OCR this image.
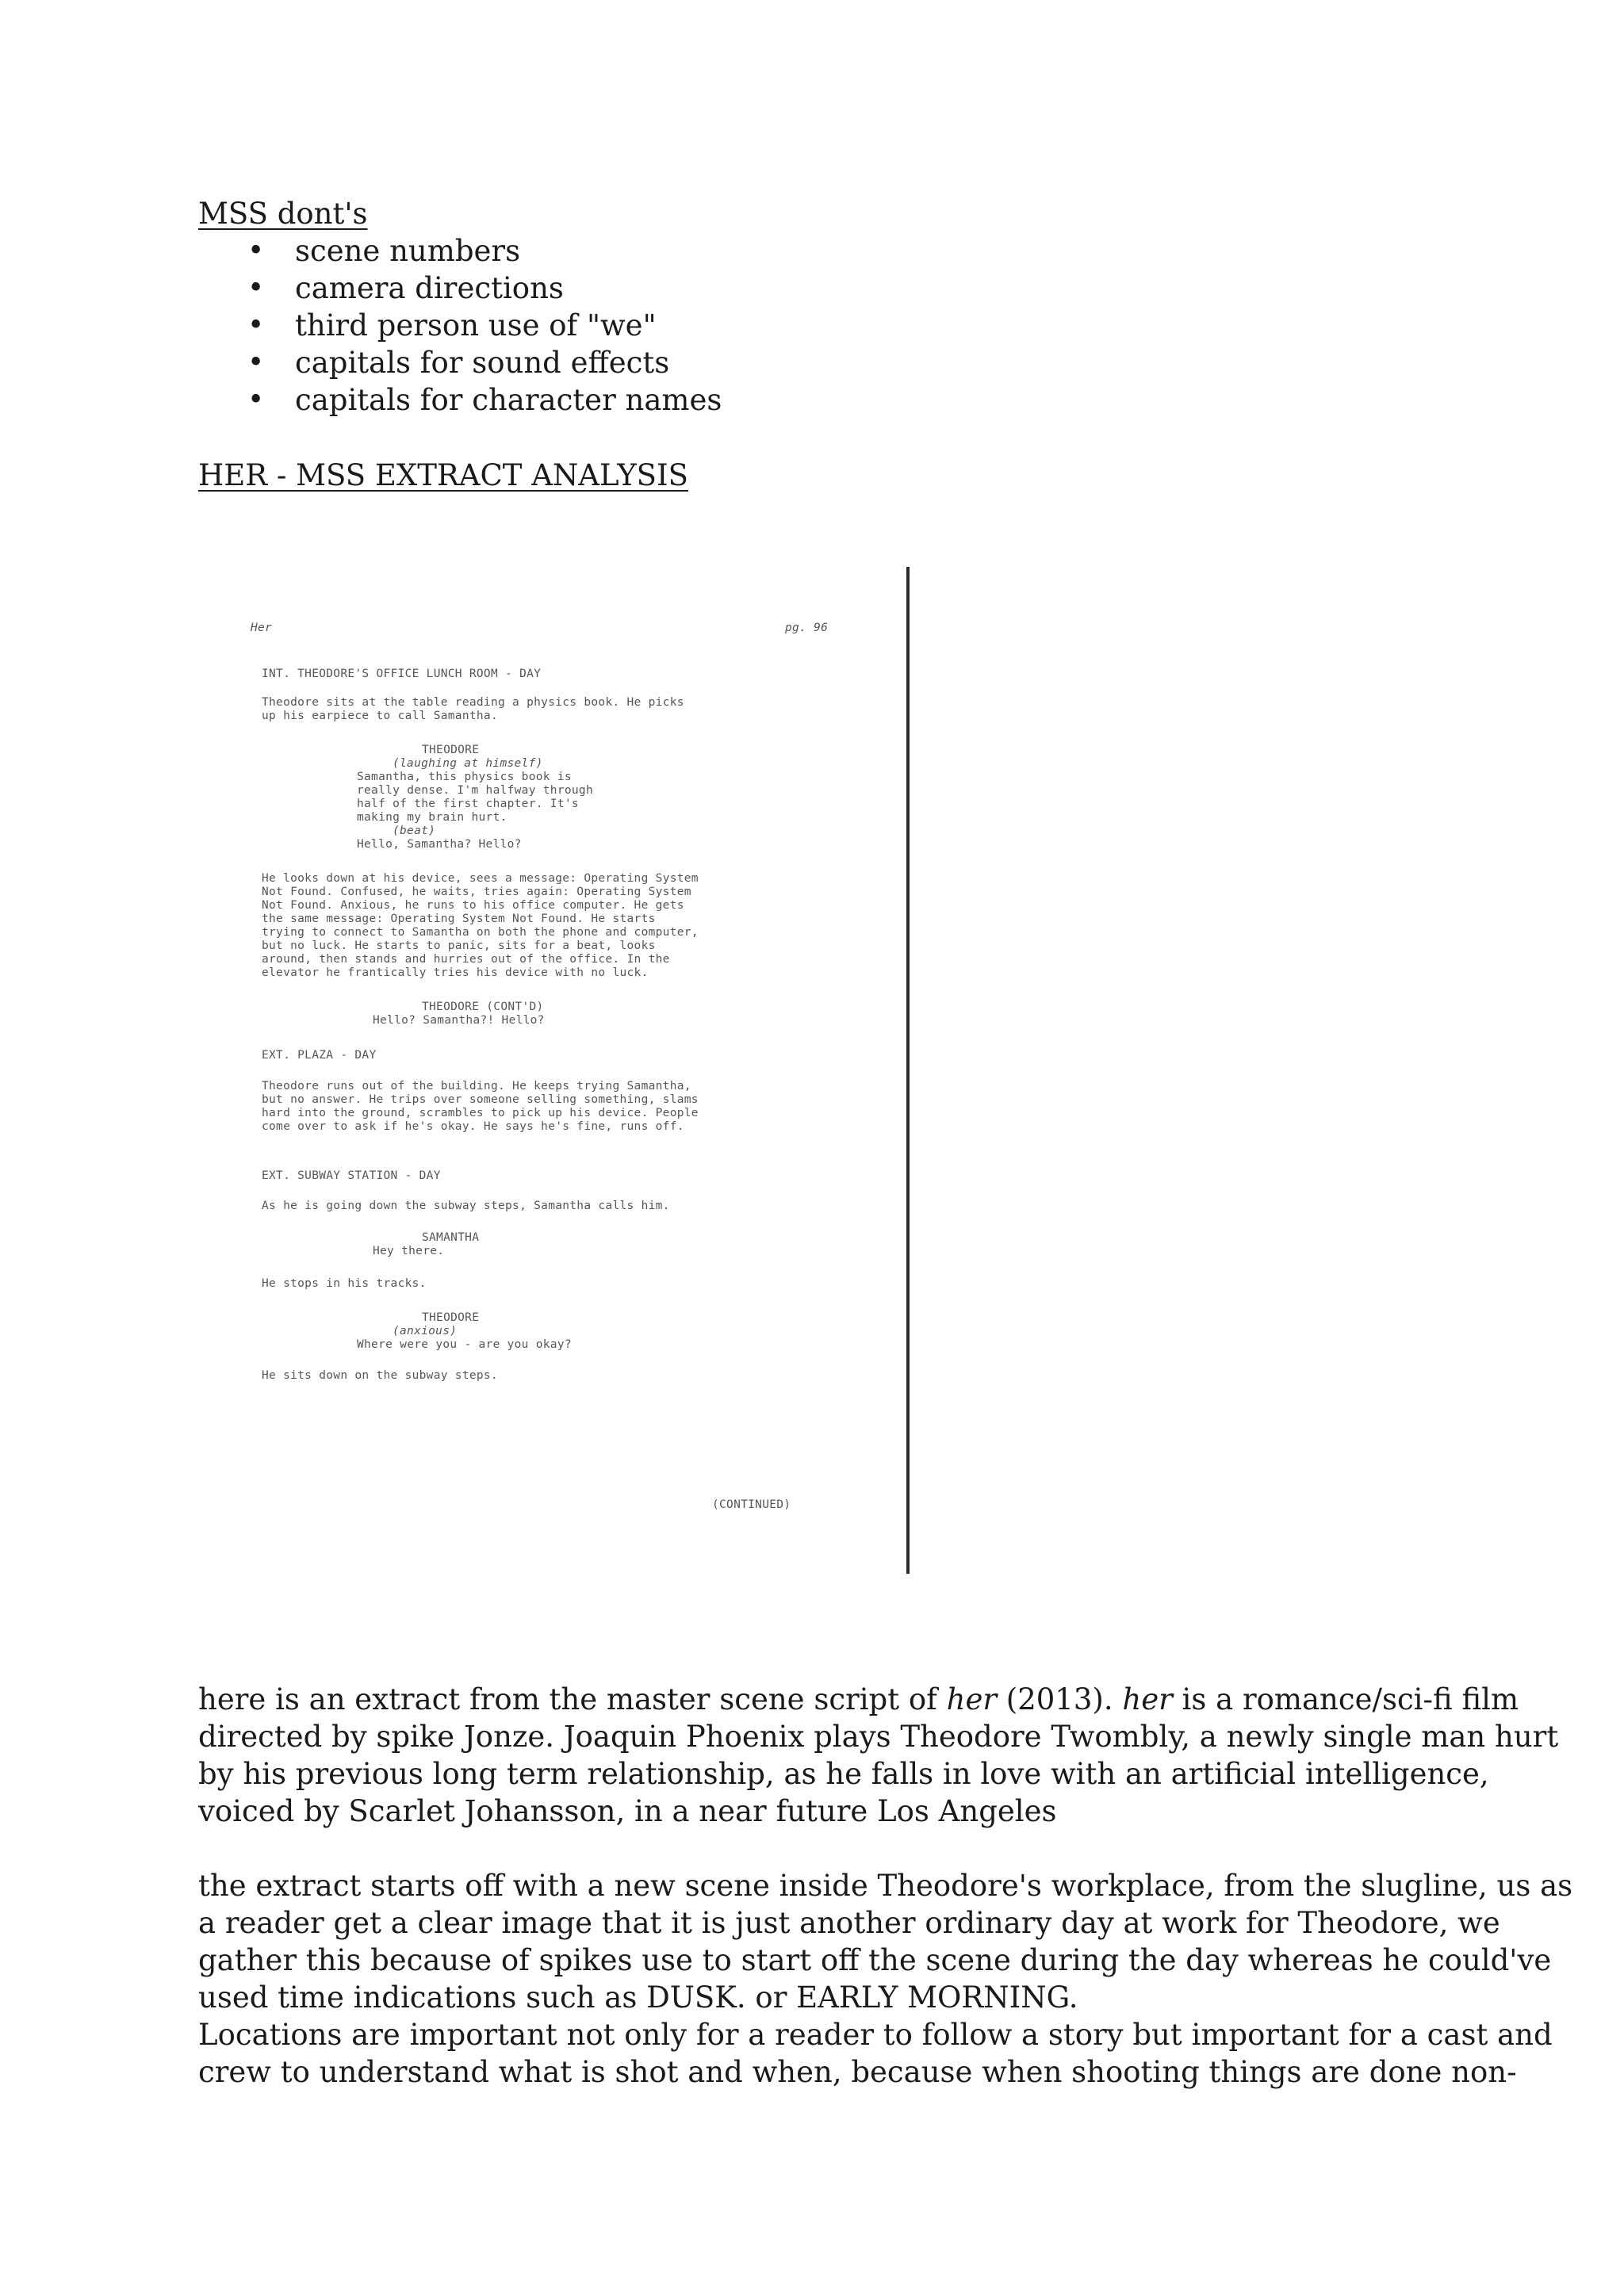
MSS dont's
• scene numbers
• camera directions
• third person use of "we"
• capitals for sound effects
• capitals for character names
HER - MSS EXTRACT ANALYSIS
Her	pg. 96
INT. THEODORE'S OFFICE LUNCH ROOM - DAY
Theodore sits at the table reading a physics book. He picks
up his earpiece to call Samantha.
THEODORE
(laughing at himself)
Samantha, this physics book is
really dense. I'm halfway through
half of the first chapter. It's
making my brain hurt.
(beat)
Hello, Samantha? Hello?
He looks down at his device, sees a message: Operating System
Not Found. Confused, he waits, tries again: Operating System
Not Found. Anxious, he runs to his office computer. He gets
the same message: Operating System Not Found. He starts
trying to connect to Samantha on both the phone and computer,
but no luck. He starts to panic, sits for a beat, looks
around, then stands and hurries out of the office. In the
elevator he frantically tries his device with no luck.
THEODORE (CONT'D)
Hello? Samantha?! Hello?
EXT. PLAZA - DAY
Theodore runs out of the building. He keeps trying Samantha,
but no answer. He trips over someone selling something, slams
hard into the ground, scrambles to pick up his device. People
come over to ask if he's okay. He says he's fine, runs off.
EXT. SUBWAY STATION - DAY
As he is going down the subway steps, Samantha calls him.
SAMANTHA
Hey there.
He stops in his tracks.
THEODORE
(anxious)
Where were you - are you okay?
He sits down on the subway steps.
(CONTINUED)

here is an extract from the master scene script of her (2013). her is a romance/sci-fi film
directed by spike Jonze. Joaquin Phoenix plays Theodore Twombly, a newly single man hurt
by his previous long term relationship, as he falls in love with an artificial intelligence,
voiced by Scarlet Johansson, in a near future Los Angeles

the extract starts off with a new scene inside Theodore's workplace, from the slugline, us as
a reader get a clear image that it is just another ordinary day at work for Theodore, we
gather this because of spikes use to start off the scene during the day whereas he could've
used time indications such as DUSK. or EARLY MORNING.
Locations are important not only for a reader to follow a story but important for a cast and
crew to understand what is shot and when, because when shooting things are done non-
